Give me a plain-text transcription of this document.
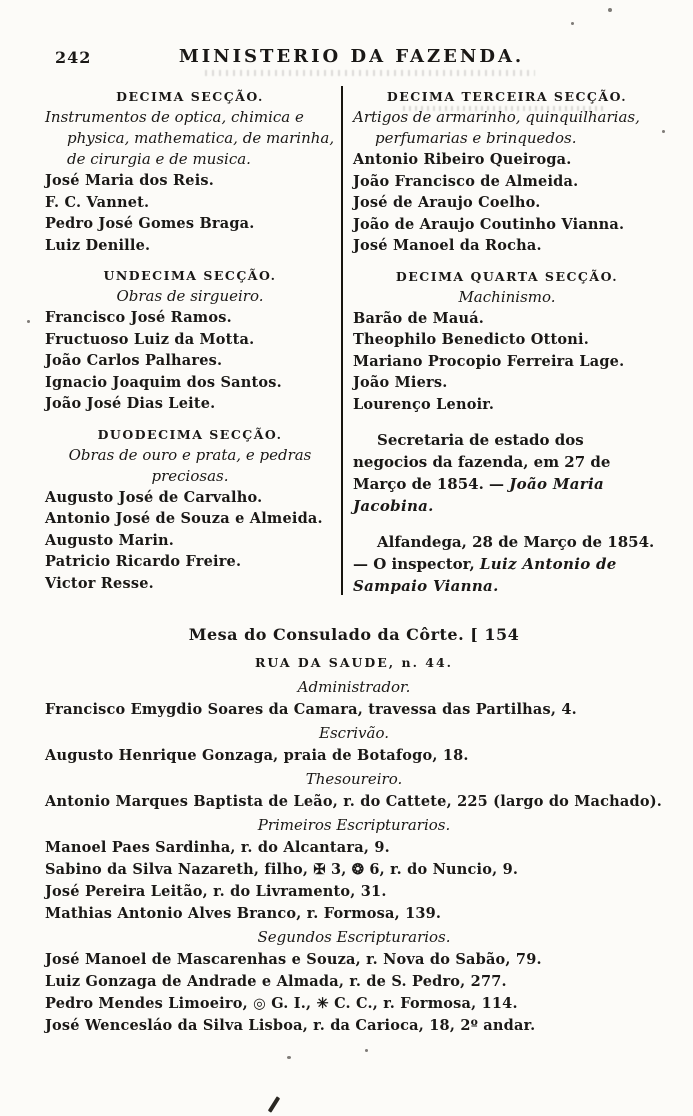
242	MINISTERIO DA FAZENDA.
DECIMA SECÇÃO.

Instrumentos de optica, chimica e physica, mathematica, de marinha, de cirurgia e de musica.

José Maria dos Reis.
F. C. Vannet.
Pedro José Gomes Braga.
Luiz Denille.
UNDECIMA SECÇÃO.

Obras de sirgueiro.

Francisco José Ramos.
Fructuoso Luiz da Motta.
João Carlos Palhares.
Ignacio Joaquim dos Santos.
João José Dias Leite.
DUODECIMA SECÇÃO.

Obras de ouro e prata, e pedras preciosas.

Augusto José de Carvalho.
Antonio José de Souza e Almeida.
Augusto Marin.
Patricio Ricardo Freire.
Victor Resse.
DECIMA TERCEIRA SECÇÃO.

Artigos de armarinho, quinquilharias, perfumarias e brinquedos.

Antonio Ribeiro Queiroga.
João Francisco de Almeida.
José de Araujo Coelho.
João de Araujo Coutinho Vianna.
José Manoel da Rocha.
DECIMA QUARTA SECÇÃO.

Machinismo.

Barão de Mauá.
Theophilo Benedicto Ottoni.
Mariano Procopio Ferreira Lage.
João Miers.
Lourenço Lenoir.

Secretaria de estado dos negocios da fazenda, em 27 de Março de 1854. — João Maria Jacobina.

Alfandega, 28 de Março de 1854. — O inspector, Luiz Antonio de Sampaio Vianna.

Mesa do Consulado da Côrte. [ 154
RUA DA SAUDE, n. 44.
Administrador.
Francisco Emygdio Soares da Camara, travessa das Partilhas, 4.
Escrivão.
Augusto Henrique Gonzaga, praia de Botafogo, 18.
Thesoureiro.
Antonio Marques Baptista de Leão, r. do Cattete, 225 (largo do Machado).
Primeiros Escripturarios.
Manoel Paes Sardinha, r. do Alcantara, 9.
Sabino da Silva Nazareth, filho, ✠ 3, ❂ 6, r. do Nuncio, 9.
José Pereira Leitão, r. do Livramento, 31.
Mathias Antonio Alves Branco, r. Formosa, 139.
Segundos Escripturarios.
José Manoel de Mascarenhas e Souza, r. Nova do Sabão, 79.
Luiz Gonzaga de Andrade e Almada, r. de S. Pedro, 277.
Pedro Mendes Limoeiro, ◎ G. I., ✳ C. C., r. Formosa, 114.
José Wencesláo da Silva Lisboa, r. da Carioca, 18, 2º andar.
